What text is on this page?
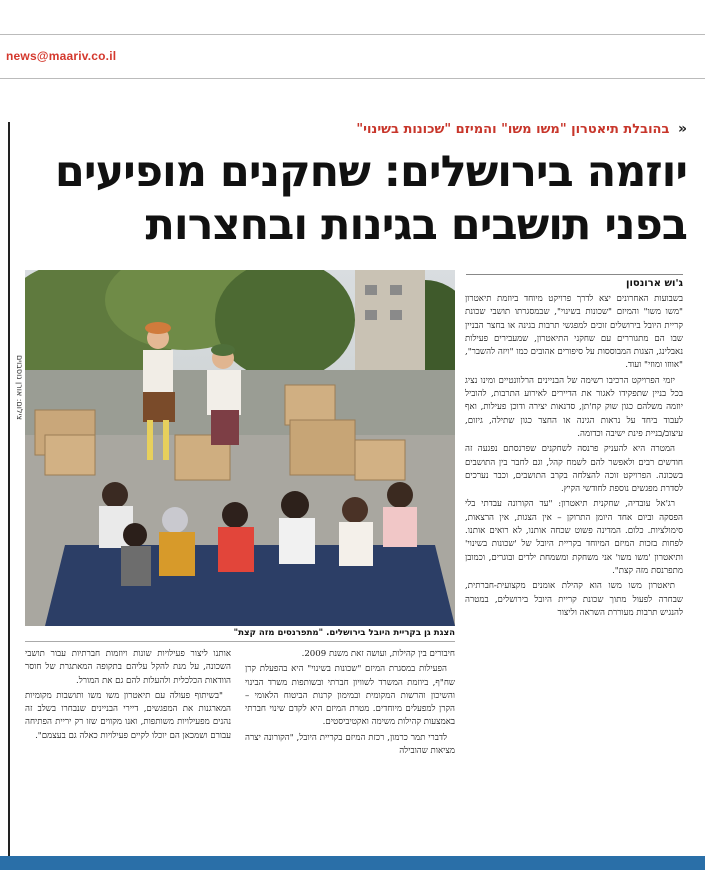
news@maariv.co.il
« בהובלת תיאטרון "משו משו" והמיזם "שכונות בשינוי"
יוזמה בירושלים: שחקנים מופיעים
בפני תושבים בגינות ובחצרות
ג'וש ארונסון

בשבועות האחרונים יצא לדרך פרויקט מיוחד ביוזמת תיאטרון "משו משו" והמיזם "שכונות בשינוי", שבמסגרתו תושבי שכונת קריית היובל בירושלים זוכים למפגשי תרבות בגינה או בחצר הבניין שבו הם מתגוררים עם שחקני התיאטרון, שמעבירים פעילות נאבלינג, הצגות המבוססות על סיפורים אהובים כמו "ויזה להשבר", "אווזו ומוזי" ועוד.

יזמי הפרויקט הרכיבו רשימה של הבניינים הרלוונטיים ומינו נציג בכל בניין שתפקידו לאגור את הדיירים לאירוע התרבות, להוביל יוזמה משלהם כגון שוק קח'תן, סדנאות יצירה ודוכן פעילות, ואף לעבוד ביחד על נראות הגינה או החצר כגון שתילה, גיזום, עיצוב/בניית פינת ישיבה וכדומה.

המטרה היא להעניק פרנסה לשחקנים שפרנסתם נפגעה זה חודשים רבים ולאפשר להם לשמח קהל, וגם לחבר בין התושבים בשכונה. הפרויקט זוכה להצלחה בקרב התושבים, וכבר נערכים לסדרת מפגשים נוספת לחודשי הקיץ.

רג'אל עובדיה, שחקנית תיאטרון: "עד הקורונה עבדתי בלי הפסקה וביום אחד היומן התרוקן – אין הצגות, אין הרצאות, סימולציות. כלום. המדינה פשוט שכחה אותנו, לא רואים אותנו. לפחות בזכות המיזם המיוחד בקריית היובל של 'שכונות בשינוי' ותיאטרון 'משו משו' אני משחקת ומשמחת ילדים ובוגרים, וכמובן מתפרנסת מזה קצת".

תיאטרון משו משו הוא קהילת אומנים מקצועית-חברתית, שבחרה לפעול מתוך שכונת קריית היובל בירושלים, במטרה להנגיש תרבות מעוררת השראה וליצור

צילום: אורן נוסבוים
הצגת גן בקריית היובל בירושלים. "מתפרנסים מזה קצת"

חיבורים בין קהילות, ועושה זאת משנת 2009.

הפעילות במסגרת המיזם "שכונות בשינוי" היא בהפעלת קרן שח"ף, ביוזמת המשרד לשוויון חברתי ובשותפות משרד הבינוי והשיכון והרשות המקומית ובמימון קרנות הביטוח הלאומי – הקרן למפעלים מיוחדים. מטרת המיזם היא לקדם שינוי חברתי באמצעות קהילות משימה ואקטיביסטים.

לדברי תמר כרמון, רכזת המיזם בקריית היובל, "הקורונה יצרה מציאות שהובילה

אותנו ליצור פעילויות שונות ויוזמות חברתיות עבור תושבי השכונה, על מנת להקל עליהם בתקופה המאתגרת של חוסר הוודאות הכלכלית ולהעלות להם גם את המורל.

"בשיתוף פעולה עם תיאטרון משו משו ותושבות מקומיות המארגנות את המפגשים, דיירי הבניינים שנבחרו בשלב זה נהנים מפעילויות משותפות, ואנו מקווים שזו רק יריית הפתיחה עבורם ושמכאן הם יוכלו לקיים פעילויות כאלה גם בעצמם".
